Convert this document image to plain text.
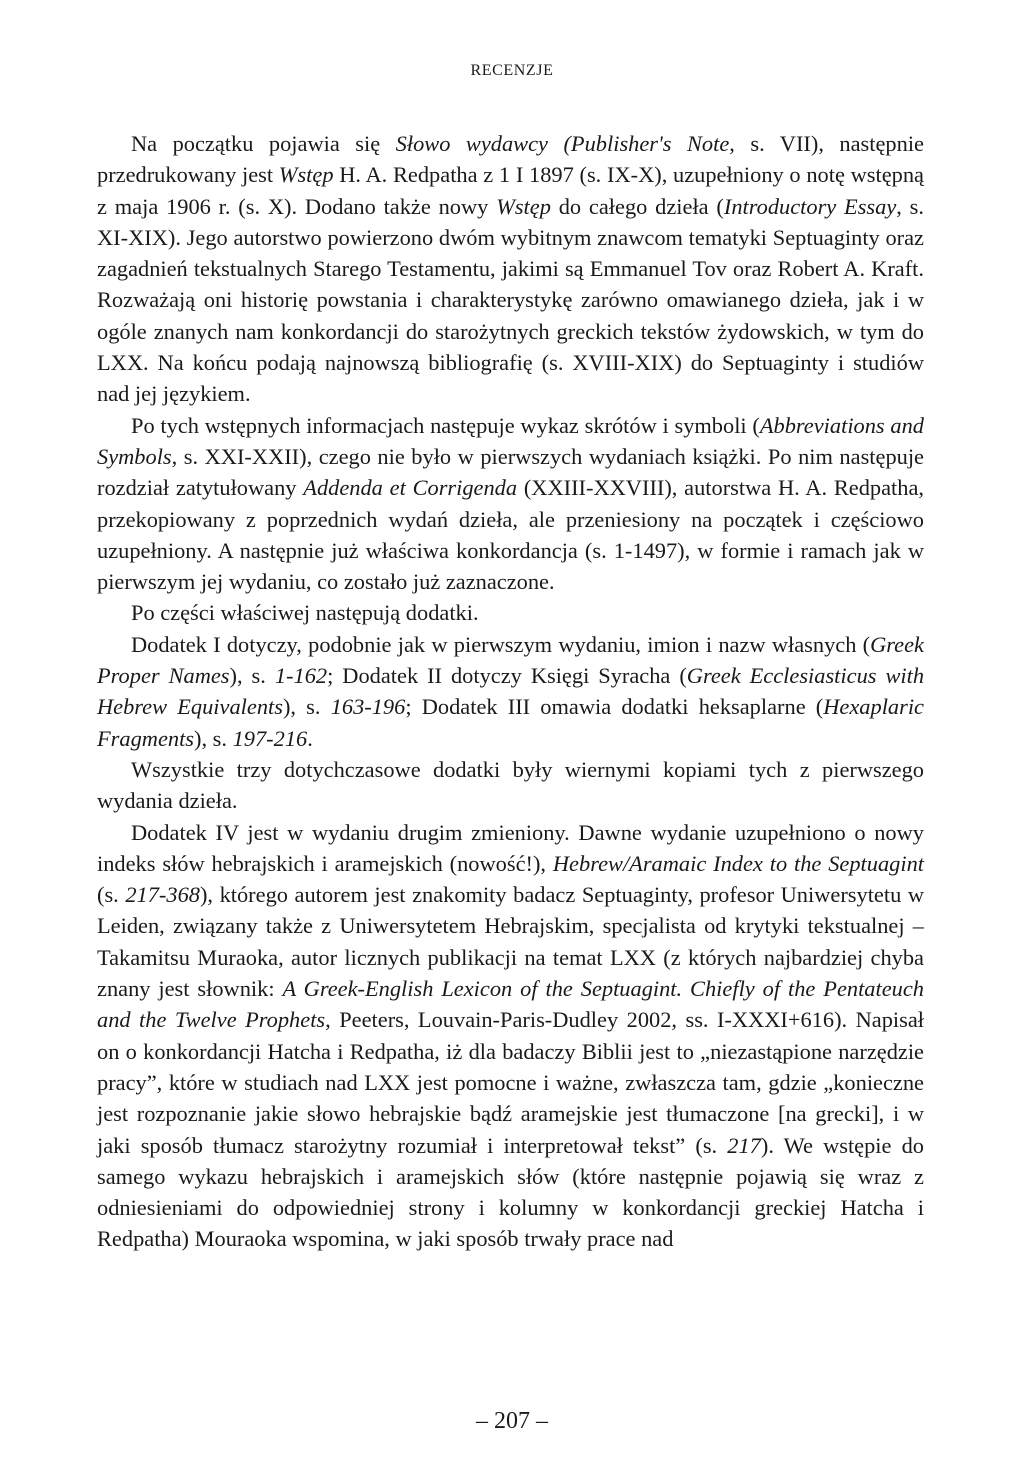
RECENZJE

Na początku pojawia się Słowo wydawcy (Publisher's Note, s. VII), następnie przedrukowany jest Wstęp H. A. Redpatha z 1 I 1897 (s. IX-X), uzupełniony o notę wstępną z maja 1906 r. (s. X). Dodano także nowy Wstęp do całego dzieła (Introductory Essay, s. XI-XIX). Jego autorstwo powierzono dwóm wybitnym znawcom tematyki Septuaginty oraz zagadnień tekstualnych Starego Testamentu, jakimi są Emmanuel Tov oraz Robert A. Kraft. Rozważają oni historię powstania i charakterystykę zarówno omawianego dzieła, jak i w ogóle znanych nam konkordancji do starożytnych greckich tekstów żydowskich, w tym do LXX. Na końcu podają najnowszą bibliografię (s. XVIII-XIX) do Septuaginty i studiów nad jej językiem.

Po tych wstępnych informacjach następuje wykaz skrótów i symboli (Abbreviations and Symbols, s. XXI-XXII), czego nie było w pierwszych wydaniach książki. Po nim następuje rozdział zatytułowany Addenda et Corrigenda (XXIII-XXVIII), autorstwa H. A. Redpatha, przekopiowany z poprzednich wydań dzieła, ale przeniesiony na początek i częściowo uzupełniony. A następnie już właściwa konkordancja (s. 1-1497), w formie i ramach jak w pierwszym jej wydaniu, co zostało już zaznaczone.

Po części właściwej następują dodatki.

Dodatek I dotyczy, podobnie jak w pierwszym wydaniu, imion i nazw własnych (Greek Proper Names), s. 1-162; Dodatek II dotyczy Księgi Syracha (Greek Ecclesiasticus with Hebrew Equivalents), s. 163-196; Dodatek III omawia dodatki heksaplarne (Hexaplaric Fragments), s. 197-216.

Wszystkie trzy dotychczasowe dodatki były wiernymi kopiami tych z pierwszego wydania dzieła.

Dodatek IV jest w wydaniu drugim zmieniony. Dawne wydanie uzupełniono o nowy indeks słów hebrajskich i aramejskich (nowość!), Hebrew/Aramaic Index to the Septuagint (s. 217-368), którego autorem jest znakomity badacz Septuaginty, profesor Uniwersytetu w Leiden, związany także z Uniwersytetem Hebrajskim, specjalista od krytyki tekstualnej – Takamitsu Muraoka, autor licznych publikacji na temat LXX (z których najbardziej chyba znany jest słownik: A Greek-English Lexicon of the Septuagint. Chiefly of the Pentateuch and the Twelve Prophets, Peeters, Louvain-Paris-Dudley 2002, ss. I-XXXI+616). Napisał on o konkordancji Hatcha i Redpatha, iż dla badaczy Biblii jest to „niezastąpione narzędzie pracy”, które w studiach nad LXX jest pomocne i ważne, zwłaszcza tam, gdzie „konieczne jest rozpoznanie jakie słowo hebrajskie bądź aramejskie jest tłumaczone [na grecki], i w jaki sposób tłumacz starożytny rozumiał i interpretował tekst” (s. 217). We wstępie do samego wykazu hebrajskich i aramejskich słów (które następnie pojawią się wraz z odniesieniami do odpowiedniej strony i kolumny w konkordancji greckiej Hatcha i Redpatha) Mouraoka wspomina, w jaki sposób trwały prace nad

– 207 –
